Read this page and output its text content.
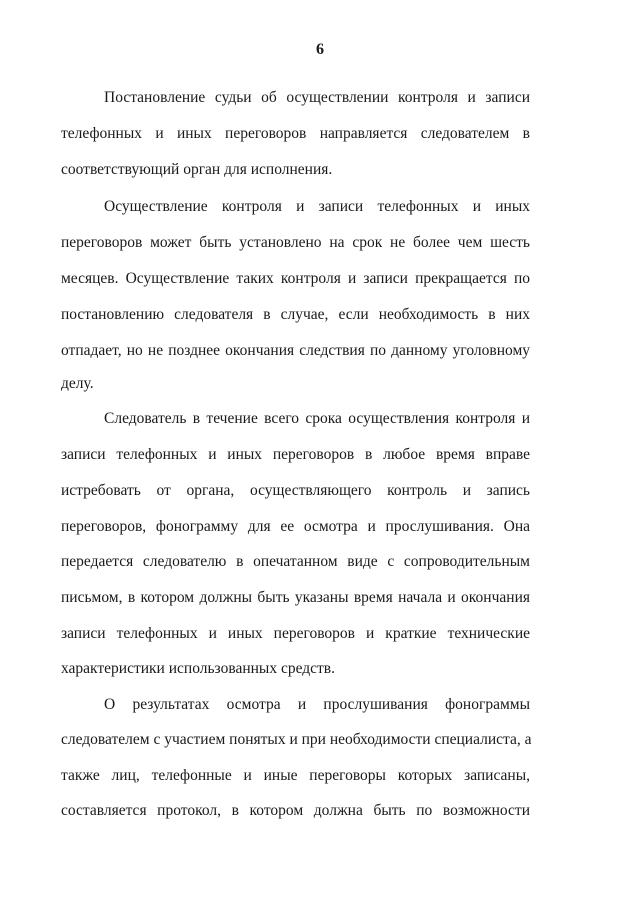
6
Постановление судьи об осуществлении контроля и записи
телефонных и иных переговоров направляется следователем в
соответствующий орган для исполнения.
Осуществление контроля и записи телефонных и иных
переговоров может быть установлено на срок не более чем шесть
месяцев. Осуществление таких контроля и записи прекращается по
постановлению следователя в случае, если необходимость в них
отпадает, но не позднее окончания следствия по данному уголовному
делу.
Следователь в течение всего срока осуществления контроля и
записи телефонных и иных переговоров в любое время вправе
истребовать от органа, осуществляющего контроль и запись
переговоров, фонограмму для ее осмотра и прослушивания. Она
передается следователю в опечатанном виде с сопроводительным
письмом, в котором должны быть указаны время начала и окончания
записи телефонных и иных переговоров и краткие технические
характеристики использованных средств.
О результатах осмотра и прослушивания фонограммы
следователем с участием понятых и при необходимости специалиста, а
также лиц, телефонные и иные переговоры которых записаны,
составляется протокол, в котором должна быть по возможности
